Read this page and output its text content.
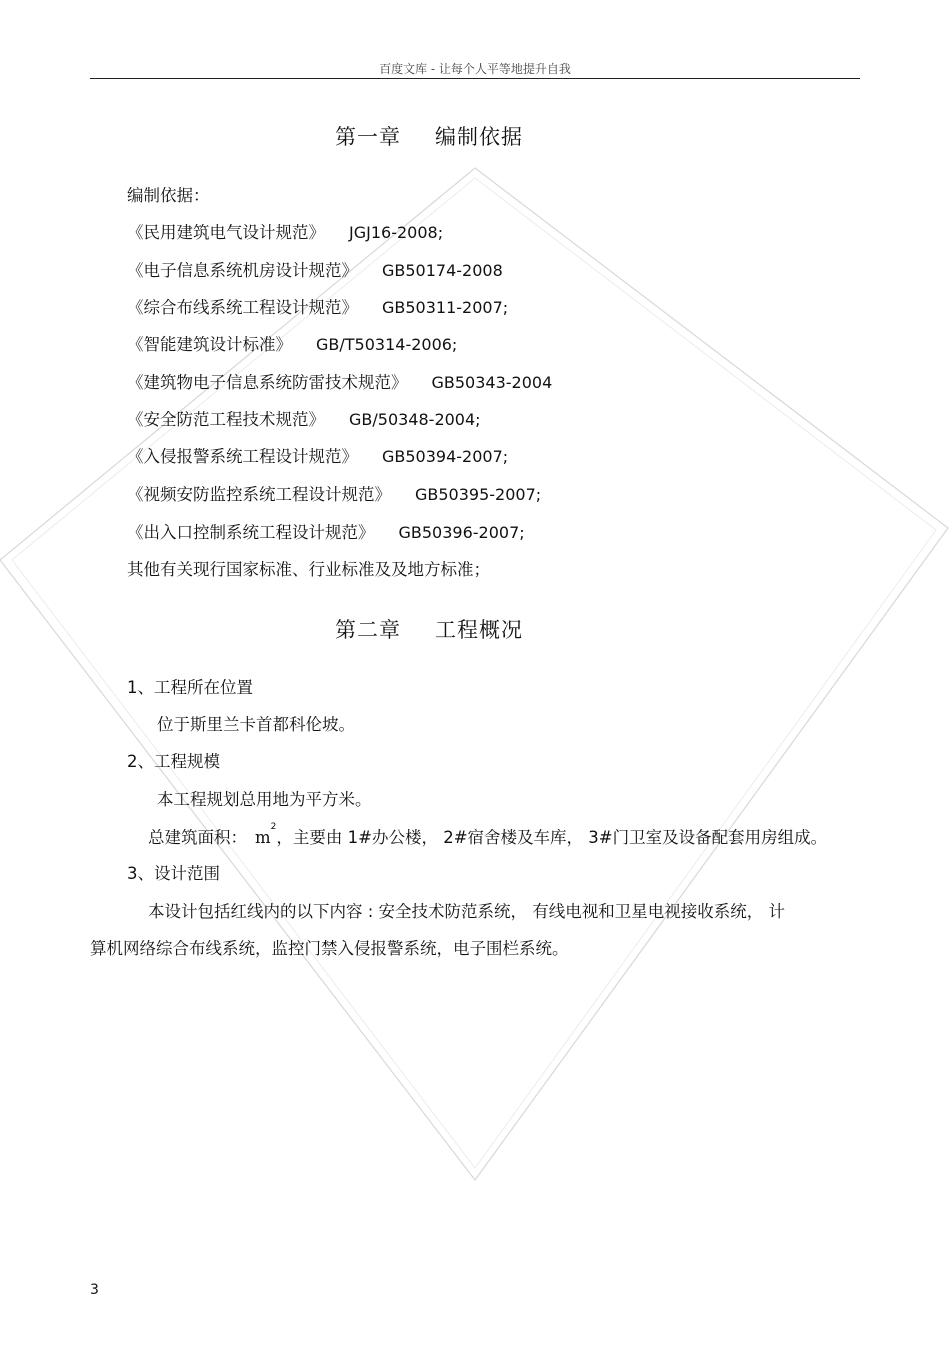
百度文库 - 让每个人平等地提升自我
第一章 编制依据
编制依据：
《民用建筑电气设计规范》 JGJ16-2008;
《电子信息系统机房设计规范》 GB50174-2008
《综合布线系统工程设计规范》 GB50311-2007;
《智能建筑设计标准》 GB/T50314-2006;
《建筑物电子信息系统防雷技术规范》 GB50343-2004
《安全防范工程技术规范》 GB/50348-2004;
《入侵报警系统工程设计规范》 GB50394-2007;
《视频安防监控系统工程设计规范》 GB50395-2007;
《出入口控制系统工程设计规范》 GB50396-2007;
其他有关现行国家标准、行业标准及及地方标准；
第二章 工程概况
1、工程所在位置
位于斯里兰卡首都科伦坡。
2、工程规模
本工程规划总用地为平方米。
总建筑面积： $m^2$，主要由 1#办公楼， 2#宿舍楼及车库， 3#门卫室及设备配套用房组成。
3、设计范围
本设计包括红线内的以下内容 : 安全技术防范系统， 有线电视和卫星电视接收系统， 计
算机网络综合布线系统，监控门禁入侵报警系统，电子围栏系统。
3
